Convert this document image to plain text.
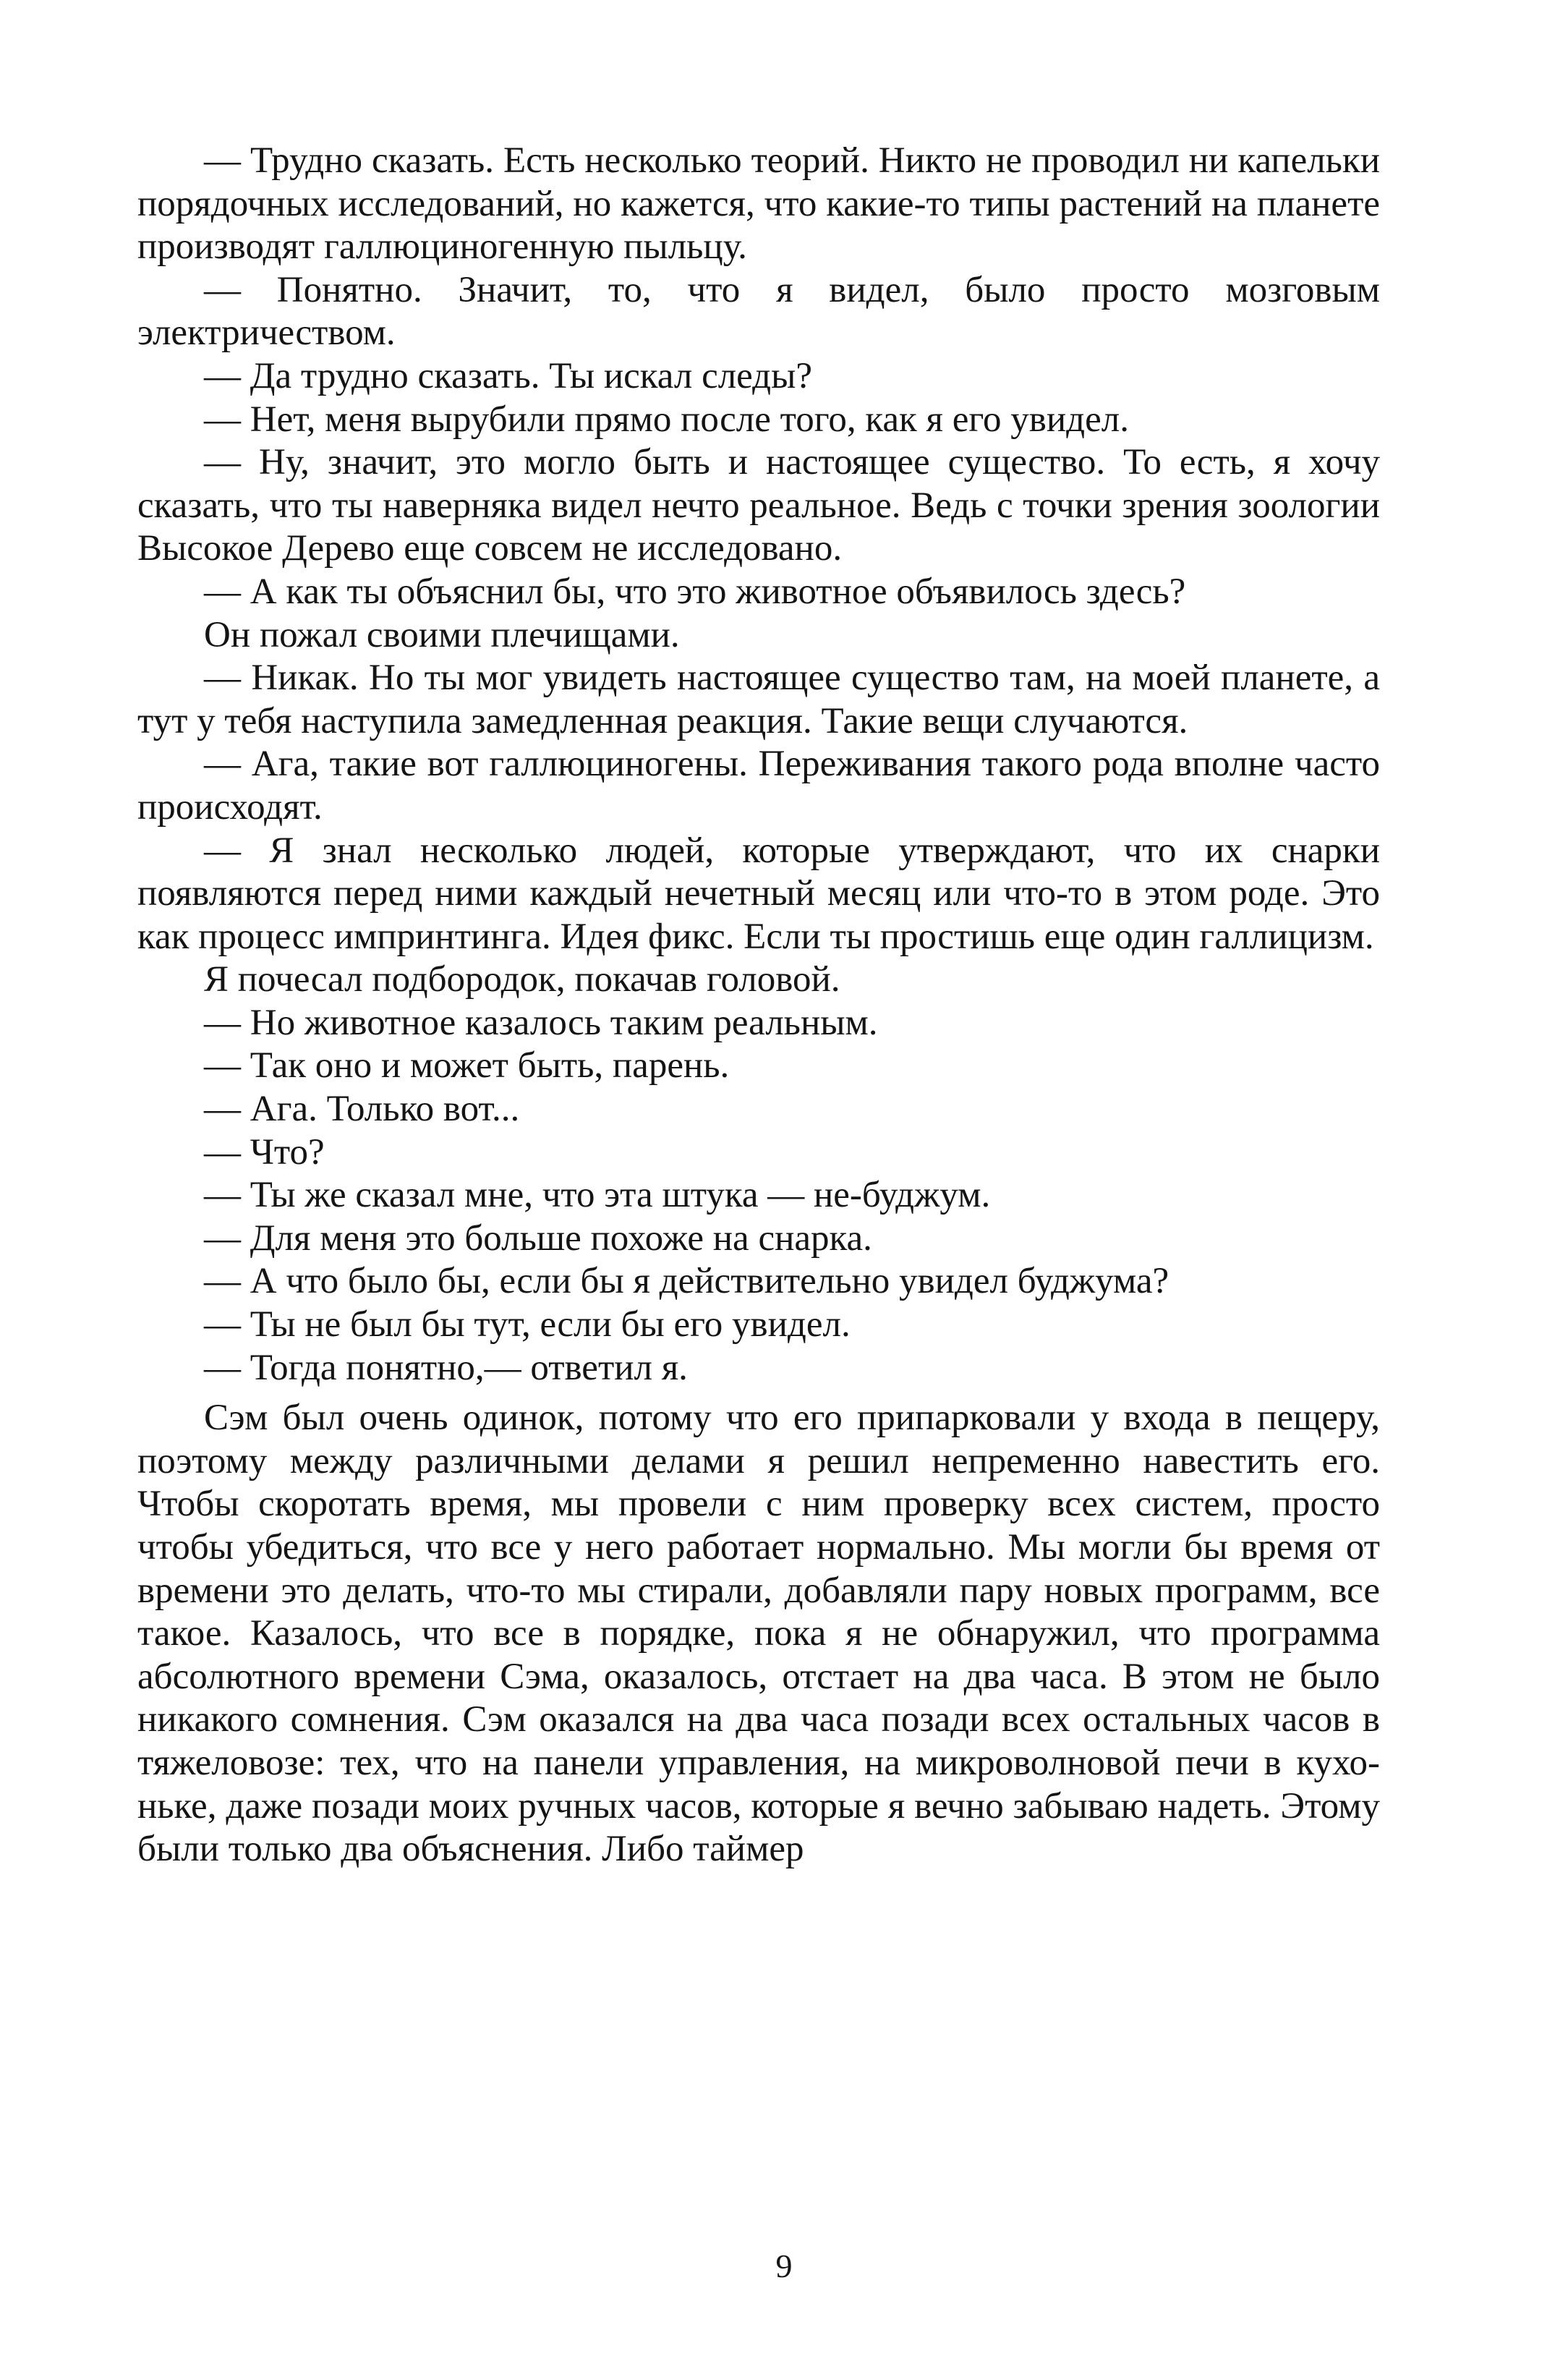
— Трудно сказать. Есть несколько теорий. Никто не проводил ни капельки порядочных исследований, но кажется, что какие-то типы растений на планете производят галлюциногенную пыльцу.

— Понятно. Значит, то, что я видел, было просто мозговым электричеством.

— Да трудно сказать. Ты искал следы?

— Нет, меня вырубили прямо после того, как я его увидел.

— Ну, значит, это могло быть и настоящее существо. То есть, я хочу сказать, что ты наверняка видел нечто реальное. Ведь с точки зрения зоологии Высокое Дерево еще совсем не исследовано.

— А как ты объяснил бы, что это животное объявилось здесь?

Он пожал своими плечищами.

— Никак. Но ты мог увидеть настоящее существо там, на моей планете, а тут у тебя наступила замедленная реакция. Такие вещи случаются.

— Ага, такие вот галлюциногены. Переживания такого рода вполне часто происходят.

— Я знал несколько людей, которые утверждают, что их снарки появляются перед ними каждый нечетный месяц или что-то в этом роде. Это как процесс импринтинга. Идея фикс. Если ты простишь еще один галлицизм.

Я почесал подбородок, покачав головой.

— Но животное казалось таким реальным.

— Так оно и может быть, парень.

— Ага. Только вот...

— Что?

— Ты же сказал мне, что эта штука — не-буджум.

— Для меня это больше похоже на снарка.

— А что было бы, если бы я действительно увидел буджума?

— Ты не был бы тут, если бы его увидел.

— Тогда понятно,— ответил я.

Сэм был очень одинок, потому что его припарковали у входа в пещеру, поэтому между различными делами я решил непременно навестить его. Чтобы скоротать время, мы провели с ним проверку всех систем, просто чтобы убедиться, что все у него работает нормально. Мы могли бы время от времени это делать, что-то мы стирали, добавляли пару новых программ, все такое. Казалось, что все в порядке, пока я не обнаружил, что программа абсолютного времени Сэма, оказалось, отстает на два часа. В этом не было никакого сомнения. Сэм оказался на два часа позади всех остальных часов в тяжеловозе: тех, что на панели управления, на микроволновой печи в кухоньке, даже позади моих ручных часов, которые я вечно забываю надеть. Этому были только два объяснения. Либо таймер

9
